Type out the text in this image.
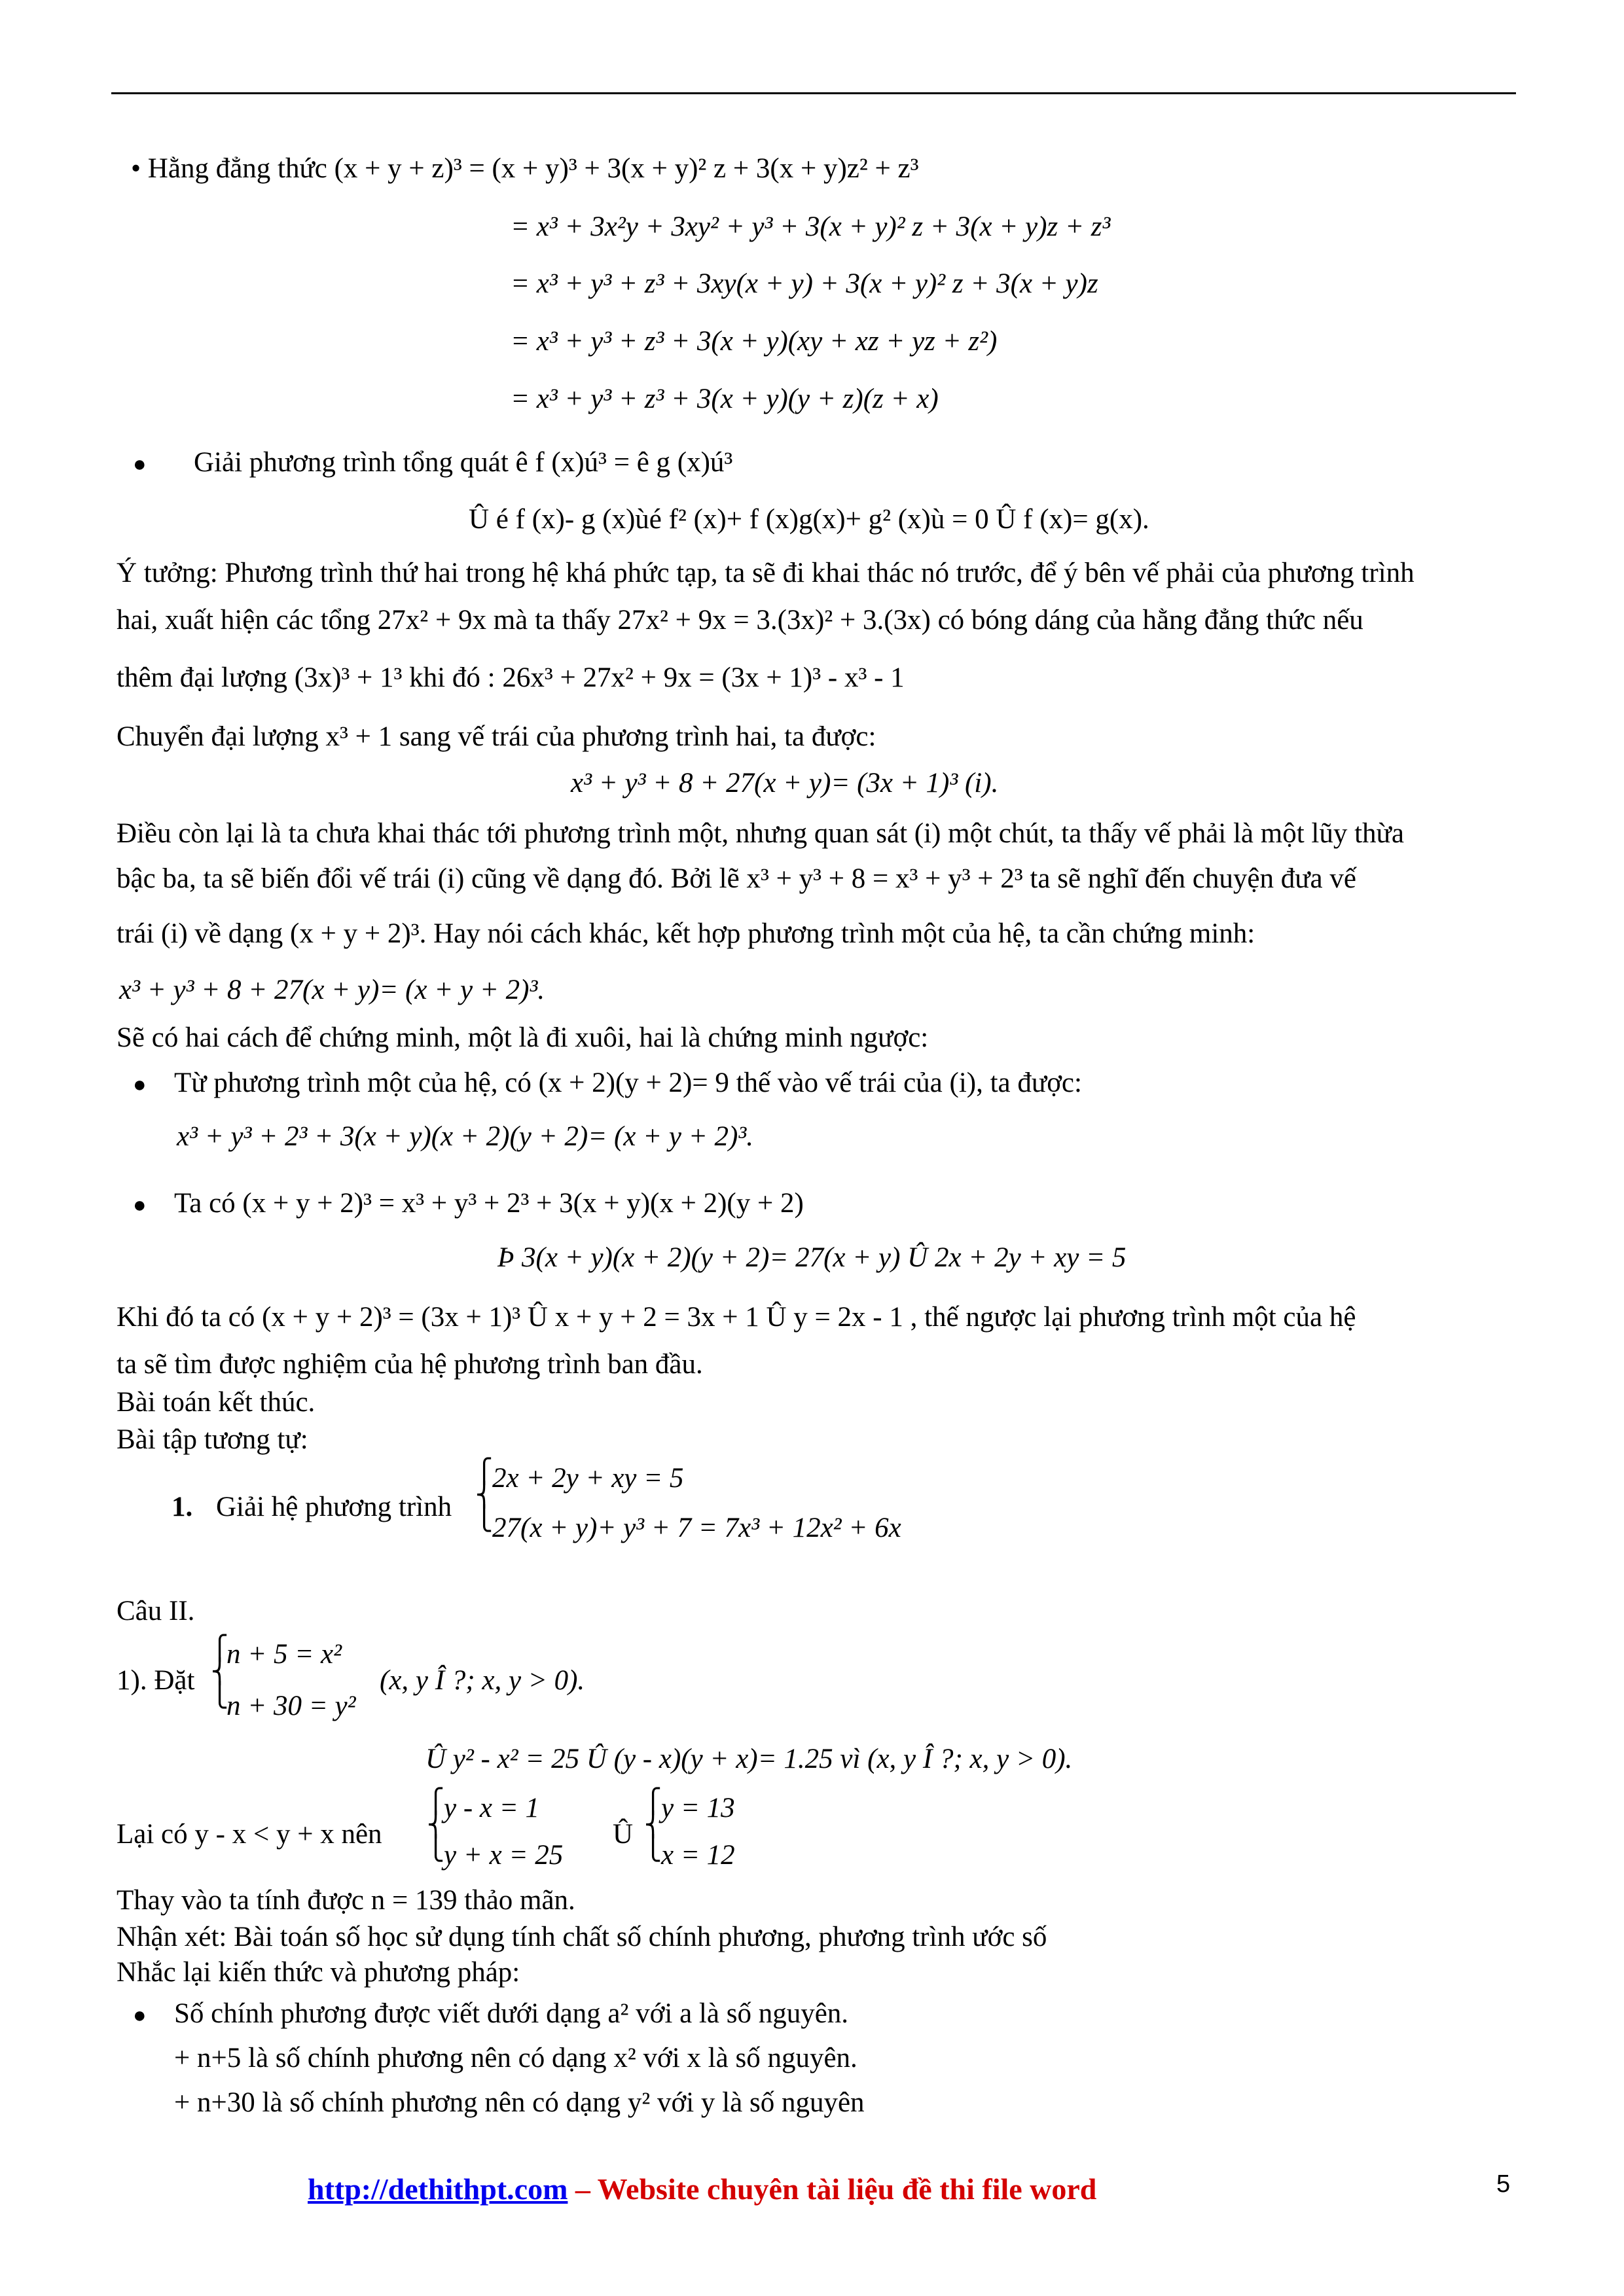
• Hằng đẳng thức (x + y + z)³ = (x + y)³ + 3(x + y)² z + 3(x + y)z² + z³
= x³ + 3x²y + 3xy² + y³ + 3(x + y)² z + 3(x + y)z + z³
= x³ + y³ + z³ + 3xy(x + y) + 3(x + y)² z + 3(x + y)z
= x³ + y³ + z³ + 3(x + y)(xy + xz + yz + z²)
= x³ + y³ + z³ + 3(x + y)(y + z)(z + x)
● Giải phương trình tổng quát ê f (x)ú³ = ê g (x)ú³
Û é f (x)- g (x)ùé f² (x)+ f (x)g(x)+ g² (x)ù = 0 Û f (x)= g(x).
Ý tưởng: Phương trình thứ hai trong hệ khá phức tạp, ta sẽ đi khai thác nó trước, để ý bên vế phải của phương trình
hai, xuất hiện các tổng 27x² + 9x mà ta thấy 27x² + 9x = 3.(3x)² + 3.(3x) có bóng dáng của hằng đẳng thức nếu
thêm đại lượng (3x)³ + 1³ khi đó : 26x³ + 27x² + 9x = (3x + 1)³ - x³ - 1
Chuyển đại lượng x³ + 1 sang vế trái của phương trình hai, ta được:
x³ + y³ + 8 + 27(x + y)= (3x + 1)³ (i).
Điều còn lại là ta chưa khai thác tới phương trình một, nhưng quan sát (i) một chút, ta thấy vế phải là một lũy thừa
bậc ba, ta sẽ biến đổi vế trái (i) cũng về dạng đó. Bởi lẽ x³ + y³ + 8 = x³ + y³ + 2³ ta sẽ nghĩ đến chuyện đưa vế
trái (i) về dạng (x + y + 2)³. Hay nói cách khác, kết hợp phương trình một của hệ, ta cần chứng minh:
x³ + y³ + 8 + 27(x + y)= (x + y + 2)³.
Sẽ có hai cách để chứng minh, một là đi xuôi, hai là chứng minh ngược:
● Từ phương trình một của hệ, có (x + 2)(y + 2)= 9 thế vào vế trái của (i), ta được:
x³ + y³ + 2³ + 3(x + y)(x + 2)(y + 2)= (x + y + 2)³.
● Ta có (x + y + 2)³ = x³ + y³ + 2³ + 3(x + y)(x + 2)(y + 2)
Þ 3(x + y)(x + 2)(y + 2)= 27(x + y) Û 2x + 2y + xy = 5
Khi đó ta có (x + y + 2)³ = (3x + 1)³ Û x + y + 2 = 3x + 1 Û y = 2x - 1 , thế ngược lại phương trình một của hệ
ta sẽ tìm được nghiệm của hệ phương trình ban đầu.
Bài toán kết thúc.
Bài tập tương tự:
1. Giải hệ phương trình
⎧
⎨
⎩
2x + 2y + xy = 5
27(x + y)+ y³ + 7 = 7x³ + 12x² + 6x
Câu II.
1). Đặt
⎧
⎨
⎩
n + 5 = x²
n + 30 = y²
(x, y Î ?; x, y > 0).
Û y² - x² = 25 Û (y - x)(y + x)= 1.25 vì (x, y Î ?; x, y > 0).
Lại có y - x < y + x nên
⎧
⎨
⎩
y - x = 1
y + x = 25
Û
⎧
⎨
⎩
y = 13
x = 12
Thay vào ta tính được n = 139 thảo mãn.
Nhận xét: Bài toán số học sử dụng tính chất số chính phương, phương trình ước số
Nhắc lại kiến thức và phương pháp:
● Số chính phương được viết dưới dạng a² với a là số nguyên.
+ n+5 là số chính phương nên có dạng x² với x là số nguyên.
+ n+30 là số chính phương nên có dạng y² với y là số nguyên
http://dethithpt.com – Website chuyên tài liệu đề thi file word	5
